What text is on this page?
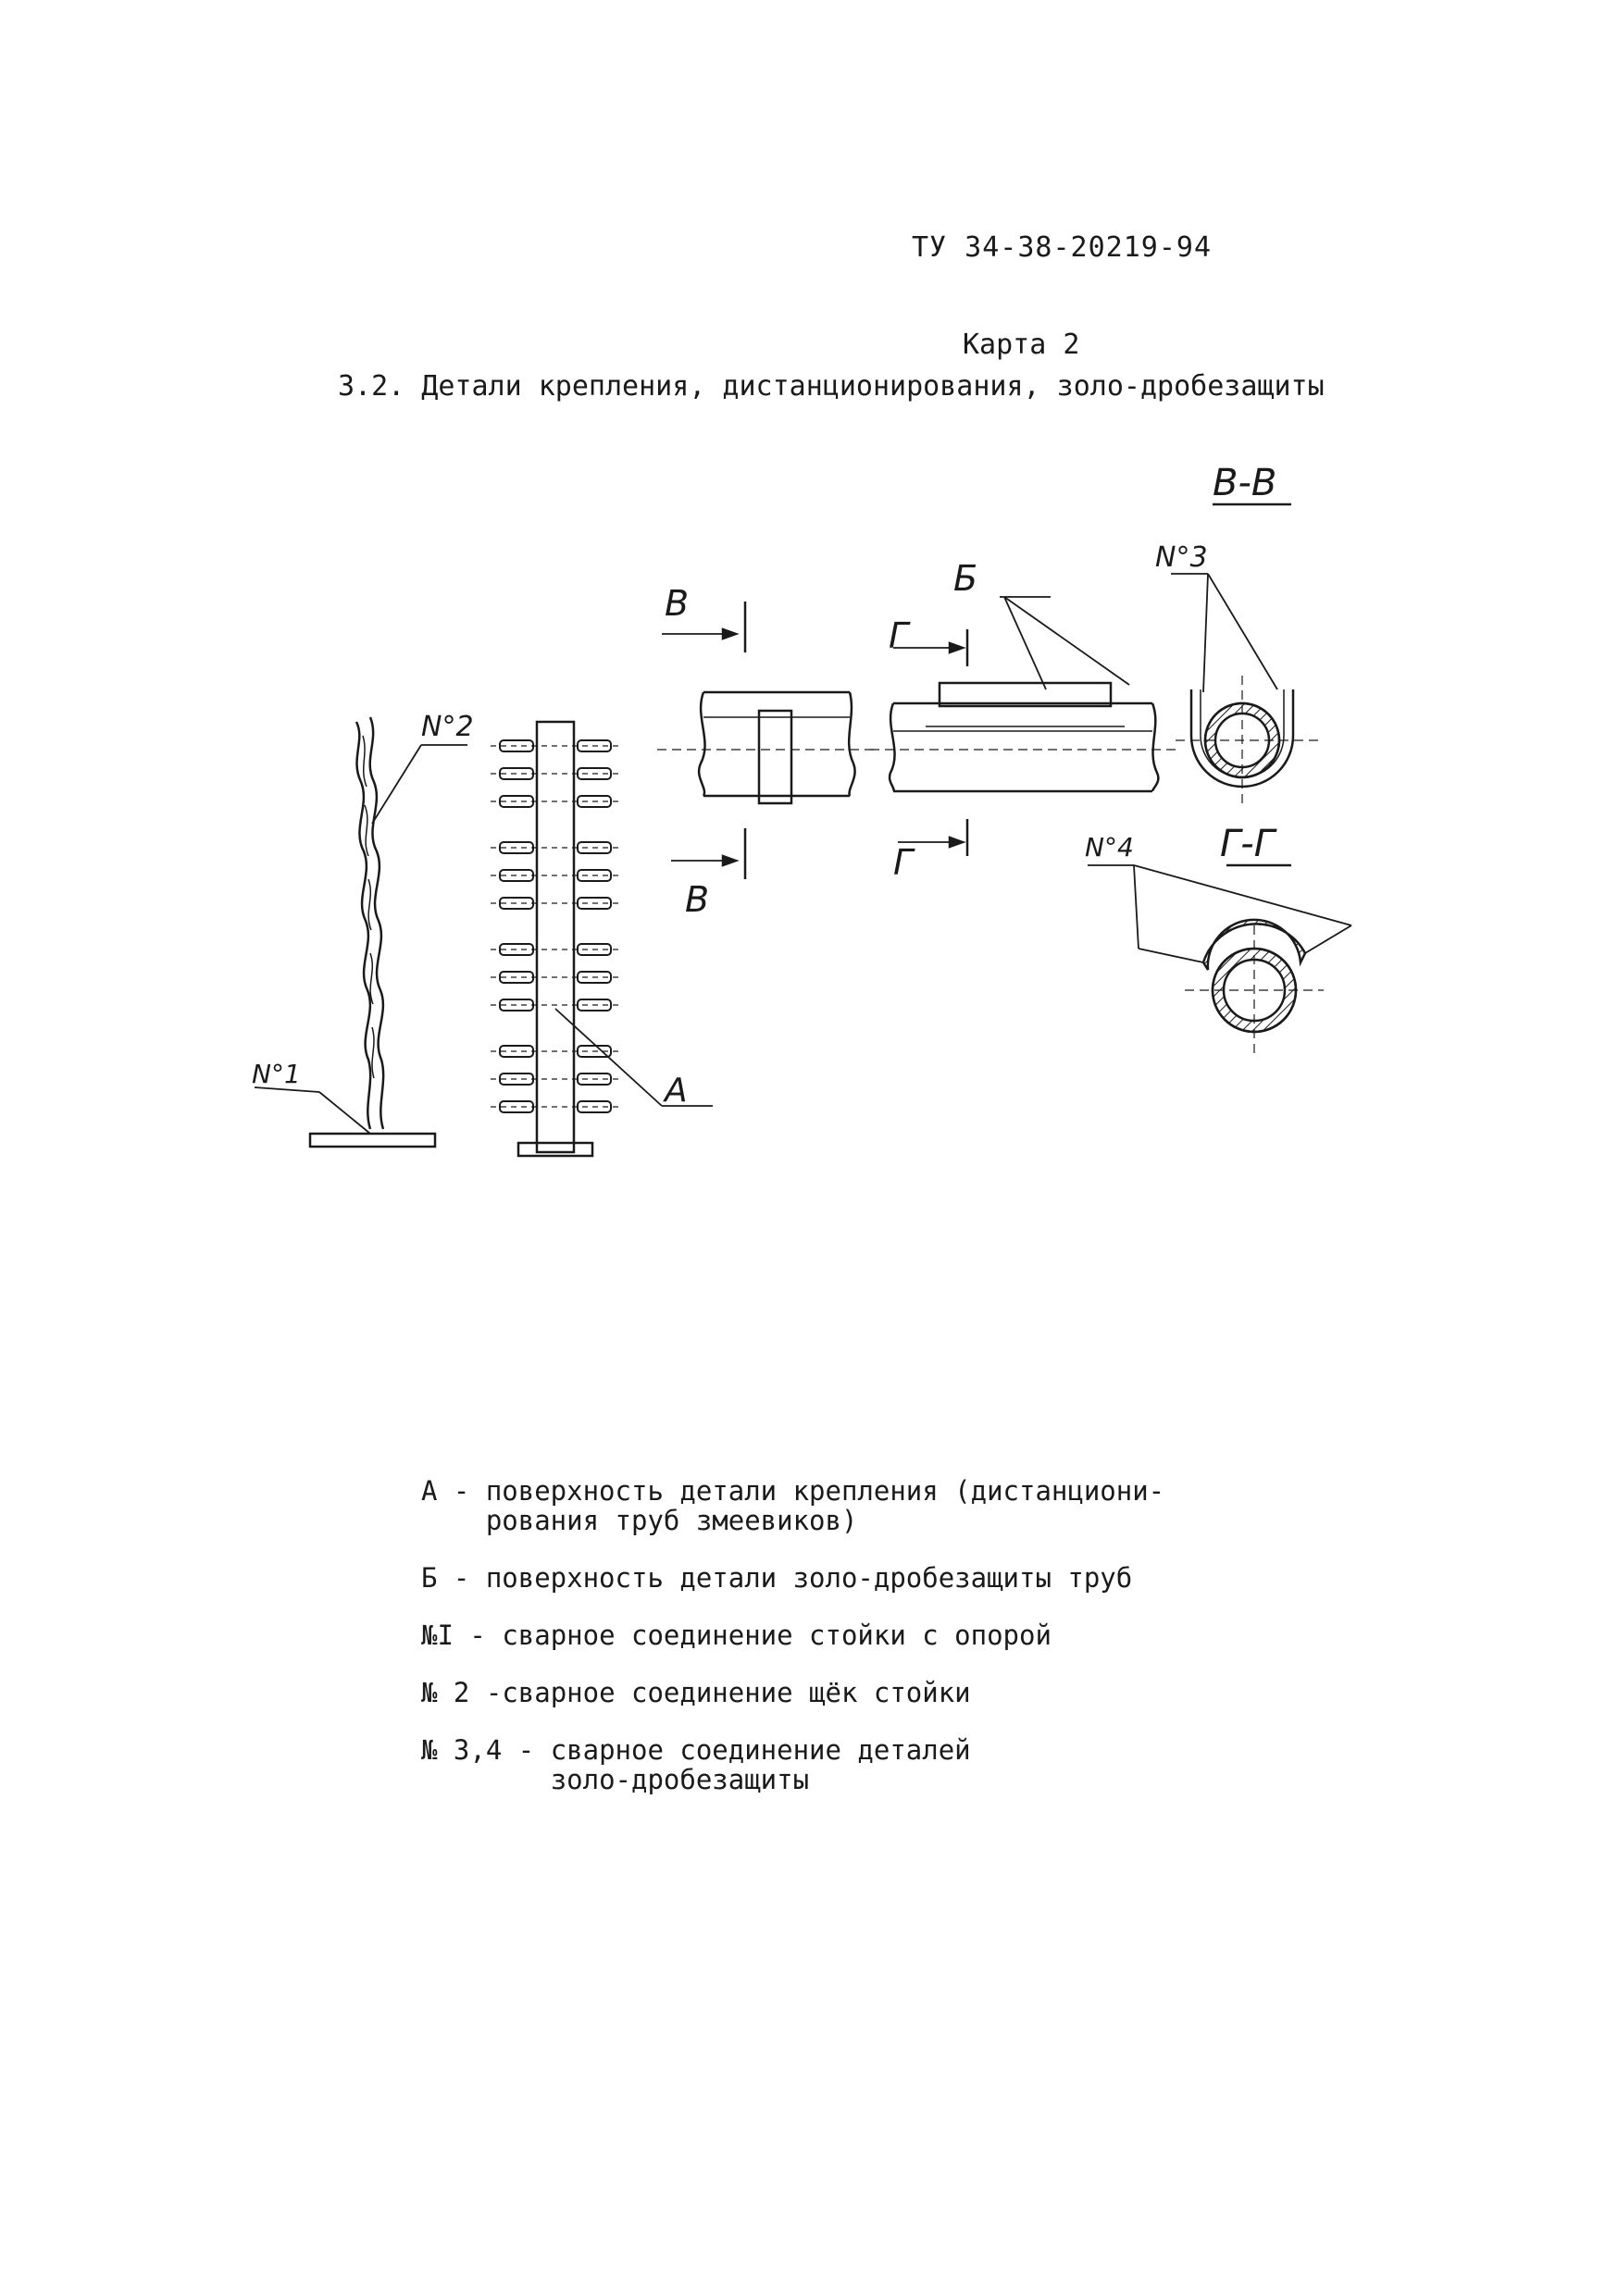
ТУ 34-38-20219-94
Карта 2
3.2. Детали крепления, дистанционирования, золо-дробезащиты
N°2
N°1	А
В
В
Б
Г
Г
В-В
N°3
Г-Г
N°4
А - поверхность детали крепления (дистанциони-
рования труб змеевиков)
Б - поверхность детали золо-дробезащиты труб
№I - сварное соединение стойки с опорой
№ 2 - сварное соединение щёк стойки
№ 3,4 - сварное соединение деталей
золо-дробезащиты
